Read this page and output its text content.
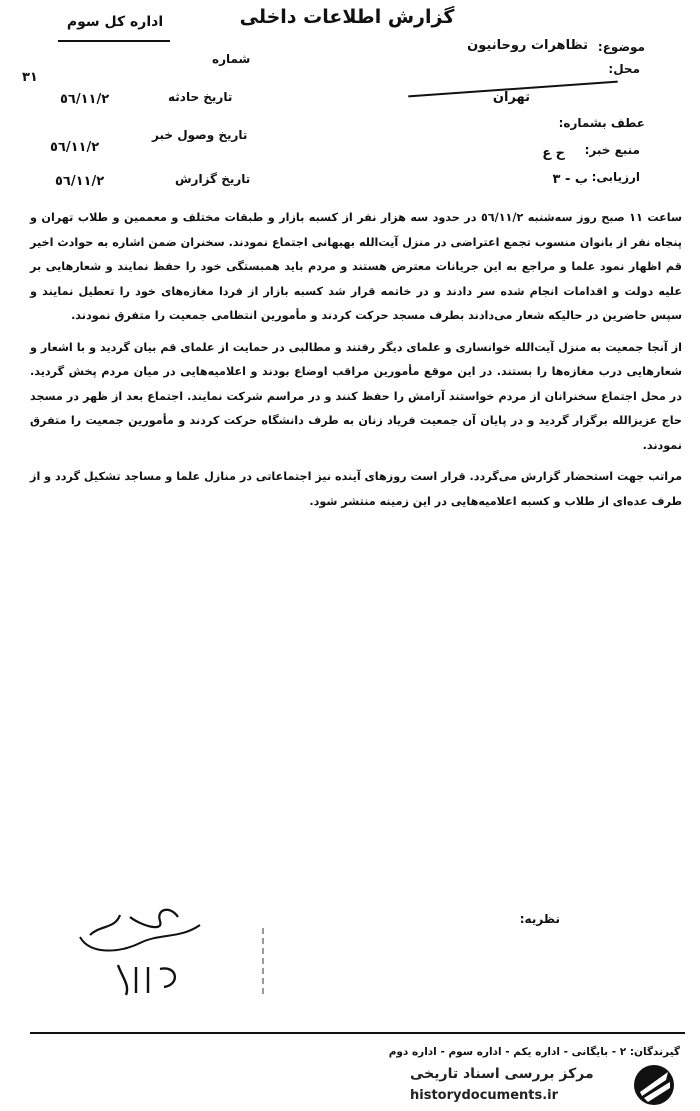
گزارش اطلاعات داخلی
اداره کل سوم
موضوع:
تظاهرات روحانیون
محل:
تهران
عطف بشماره:
منبع خبر:
ح ع
ارزیابی:
ب - ٣
شماره
٣١
تاریخ حادثه
٥٦/١١/٢
تاریخ وصول خبر
٥٦/١١/٢
تاریخ گزارش
٥٦/١١/٢

ساعت ١١ صبح روز سه‌شنبه ٥٦/١١/٢ در حدود سه هزار نفر از کسبه بازار و طبقات مختلف و معممین و طلاب تهران و پنجاه نفر از بانوان منسوب تجمع اعتراضی در منزل آیت‌الله بهبهانی اجتماع نمودند. سخنران ضمن اشاره به حوادث اخیر قم اظهار نمود علما و مراجع به این جریانات معترض هستند و مردم باید همبستگی خود را حفظ نمایند و شعارهایی بر علیه دولت و اقدامات انجام شده سر دادند و در خاتمه قرار شد کسبه بازار از فردا مغازه‌های خود را تعطیل نمایند و سپس حاضرین در حالیکه شعار می‌دادند بطرف مسجد حرکت کردند و مأمورین انتظامی جمعیت را متفرق نمودند.

از آنجا جمعیت به منزل آیت‌الله خوانساری و علمای دیگر رفتند و مطالبی در حمایت از علمای قم بیان گردید و با اشعار و شعارهایی درب مغازه‌ها را بستند. در این موقع مأمورین مراقب اوضاع بودند و اعلامیه‌هایی در میان مردم پخش گردید. در محل اجتماع سخنرانان از مردم خواستند آرامش را حفظ کنند و در مراسم شرکت نمایند. اجتماع بعد از ظهر در مسجد حاج عزیزالله برگزار گردید و در پایان آن جمعیت فریاد زنان به طرف دانشگاه حرکت کردند و مأمورین جمعیت را متفرق نمودند.

مراتب جهت استحضار گزارش می‌گردد. قرار است روزهای آینده نیز اجتماعاتی در منازل علما و مساجد تشکیل گردد و از طرف عده‌ای از طلاب و کسبه اعلامیه‌هایی در این زمینه منتشر شود.

نظریه:
گیرندگان: ٢ - بایگانی - اداره یکم - اداره سوم - اداره دوم
مرکز بررسی اسناد تاریخی
historydocuments.ir
